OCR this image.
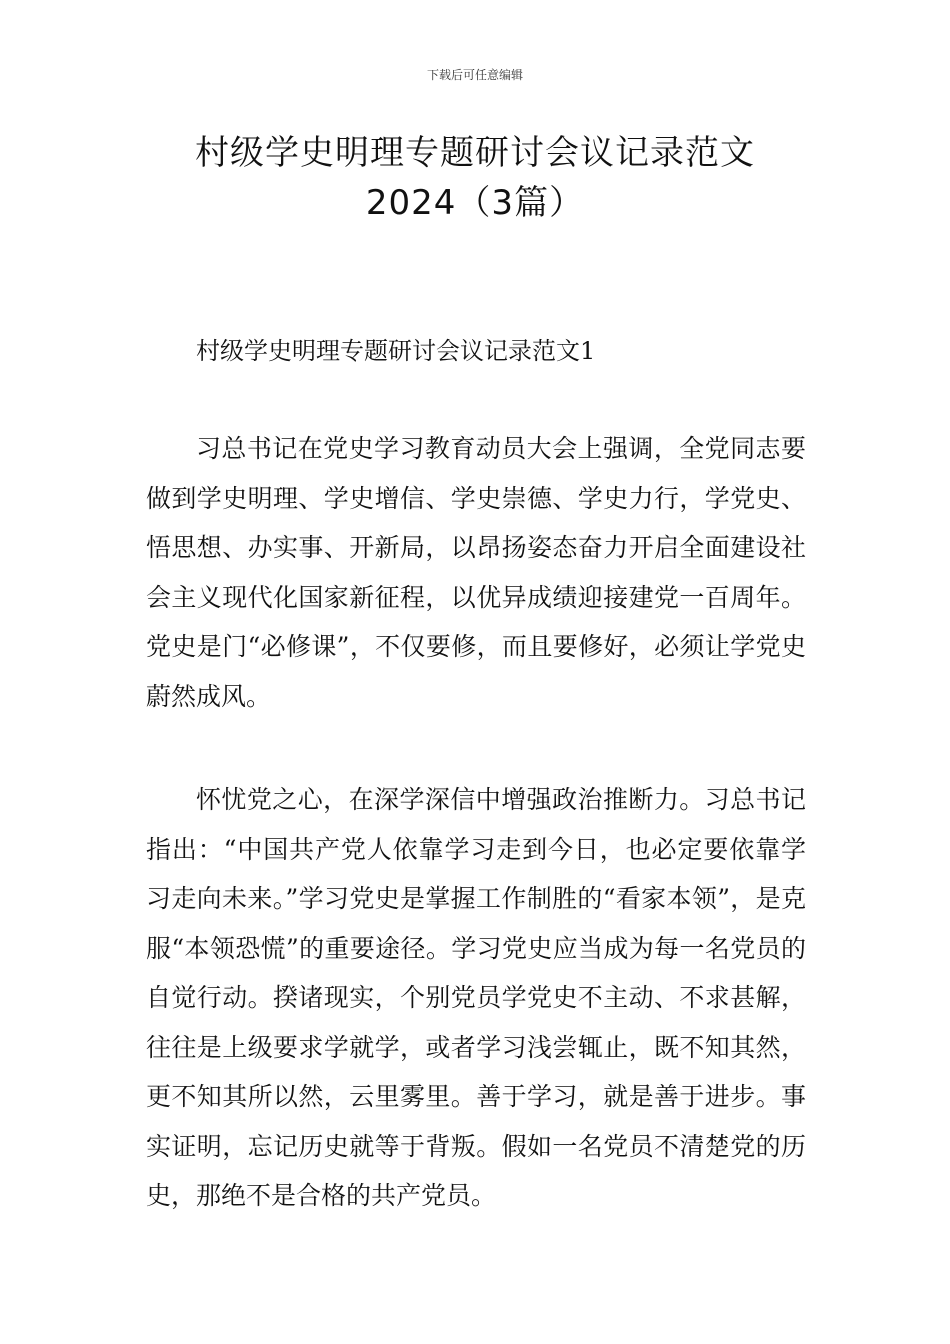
下载后可任意编辑
村级学史明理专题研讨会议记录范文
2024（3篇）
村级学史明理专题研讨会议记录范文1

习总书记在党史学习教育动员大会上强调，全党同志要做到学史明理、学史增信、学史崇德、学史力行，学党史、悟思想、办实事、开新局，以昂扬姿态奋力开启全面建设社会主义现代化国家新征程，以优异成绩迎接建党一百周年。党史是门“必修课”，不仅要修，而且要修好，必须让学党史蔚然成风。

怀忧党之心，在深学深信中增强政治推断力。习总书记指出：“中国共产党人依靠学习走到今日，也必定要依靠学习走向未来。”学习党史是掌握工作制胜的“看家本领”，是克服“本领恐慌”的重要途径。学习党史应当成为每一名党员的自觉行动。揆诸现实，个别党员学党史不主动、不求甚解，往往是上级要求学就学，或者学习浅尝辄止，既不知其然，更不知其所以然，云里雾里。善于学习，就是善于进步。事实证明，忘记历史就等于背叛。假如一名党员不清楚党的历史，那绝不是合格的共产党员。
